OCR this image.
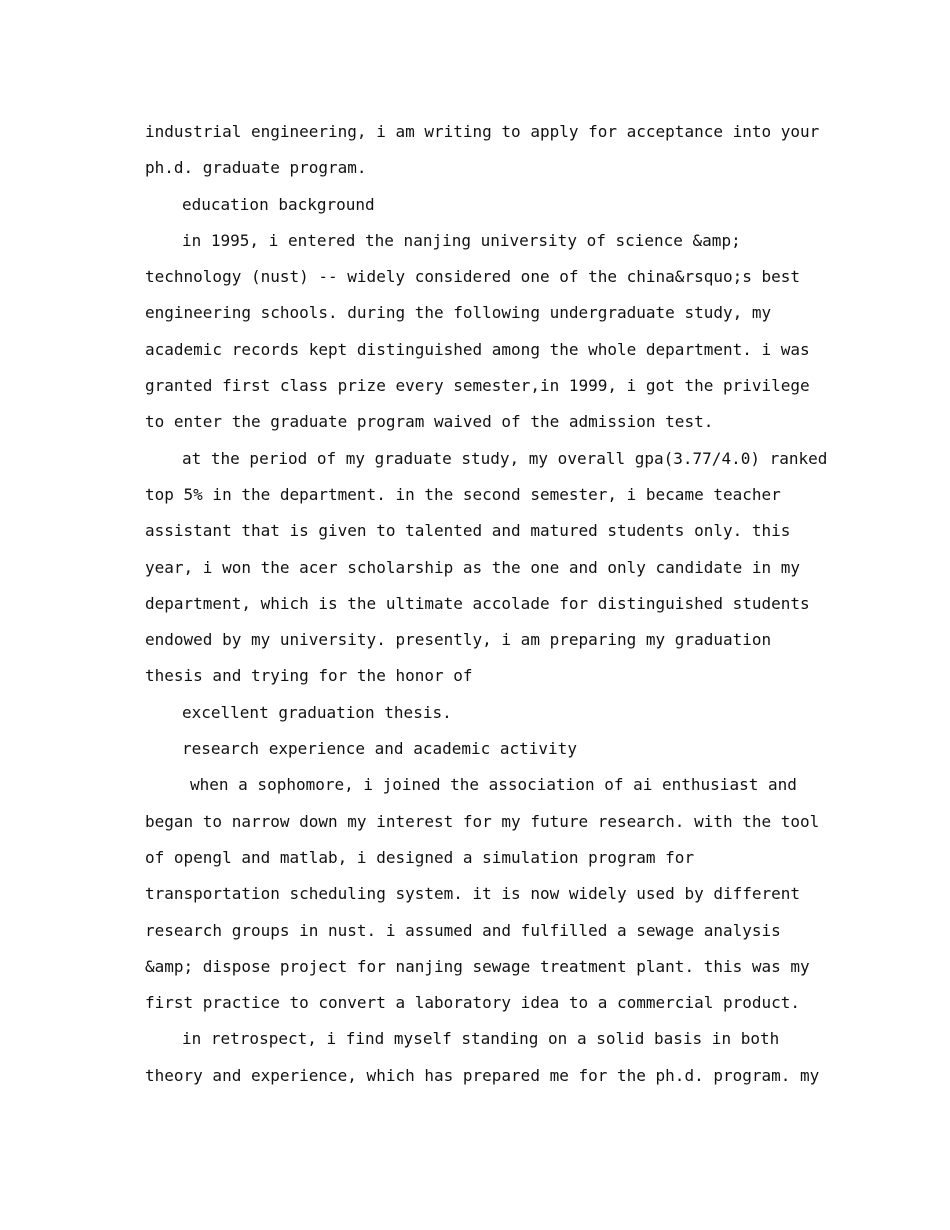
industrial engineering, i am writing to apply for acceptance into your
ph.d. graduate program.
education background
in 1995, i entered the nanjing university of science &amp;
technology (nust) -- widely considered one of the china&rsquo;s best
engineering schools. during the following undergraduate study, my
academic records kept distinguished among the whole department. i was
granted first class prize every semester,in 1999, i got the privilege
to enter the graduate program waived of the admission test.
at the period of my graduate study, my overall gpa(3.77/4.0) ranked
top 5% in the department. in the second semester, i became teacher
assistant that is given to talented and matured students only. this
year, i won the acer scholarship as the one and only candidate in my
department, which is the ultimate accolade for distinguished students
endowed by my university. presently, i am preparing my graduation
thesis and trying for the honor of
excellent graduation thesis.
research experience and academic activity
when a sophomore, i joined the association of ai enthusiast and
began to narrow down my interest for my future research. with the tool
of opengl and matlab, i designed a simulation program for
transportation scheduling system. it is now widely used by different
research groups in nust. i assumed and fulfilled a sewage analysis
&amp; dispose project for nanjing sewage treatment plant. this was my
first practice to convert a laboratory idea to a commercial product.
in retrospect, i find myself standing on a solid basis in both
theory and experience, which has prepared me for the ph.d. program. my
